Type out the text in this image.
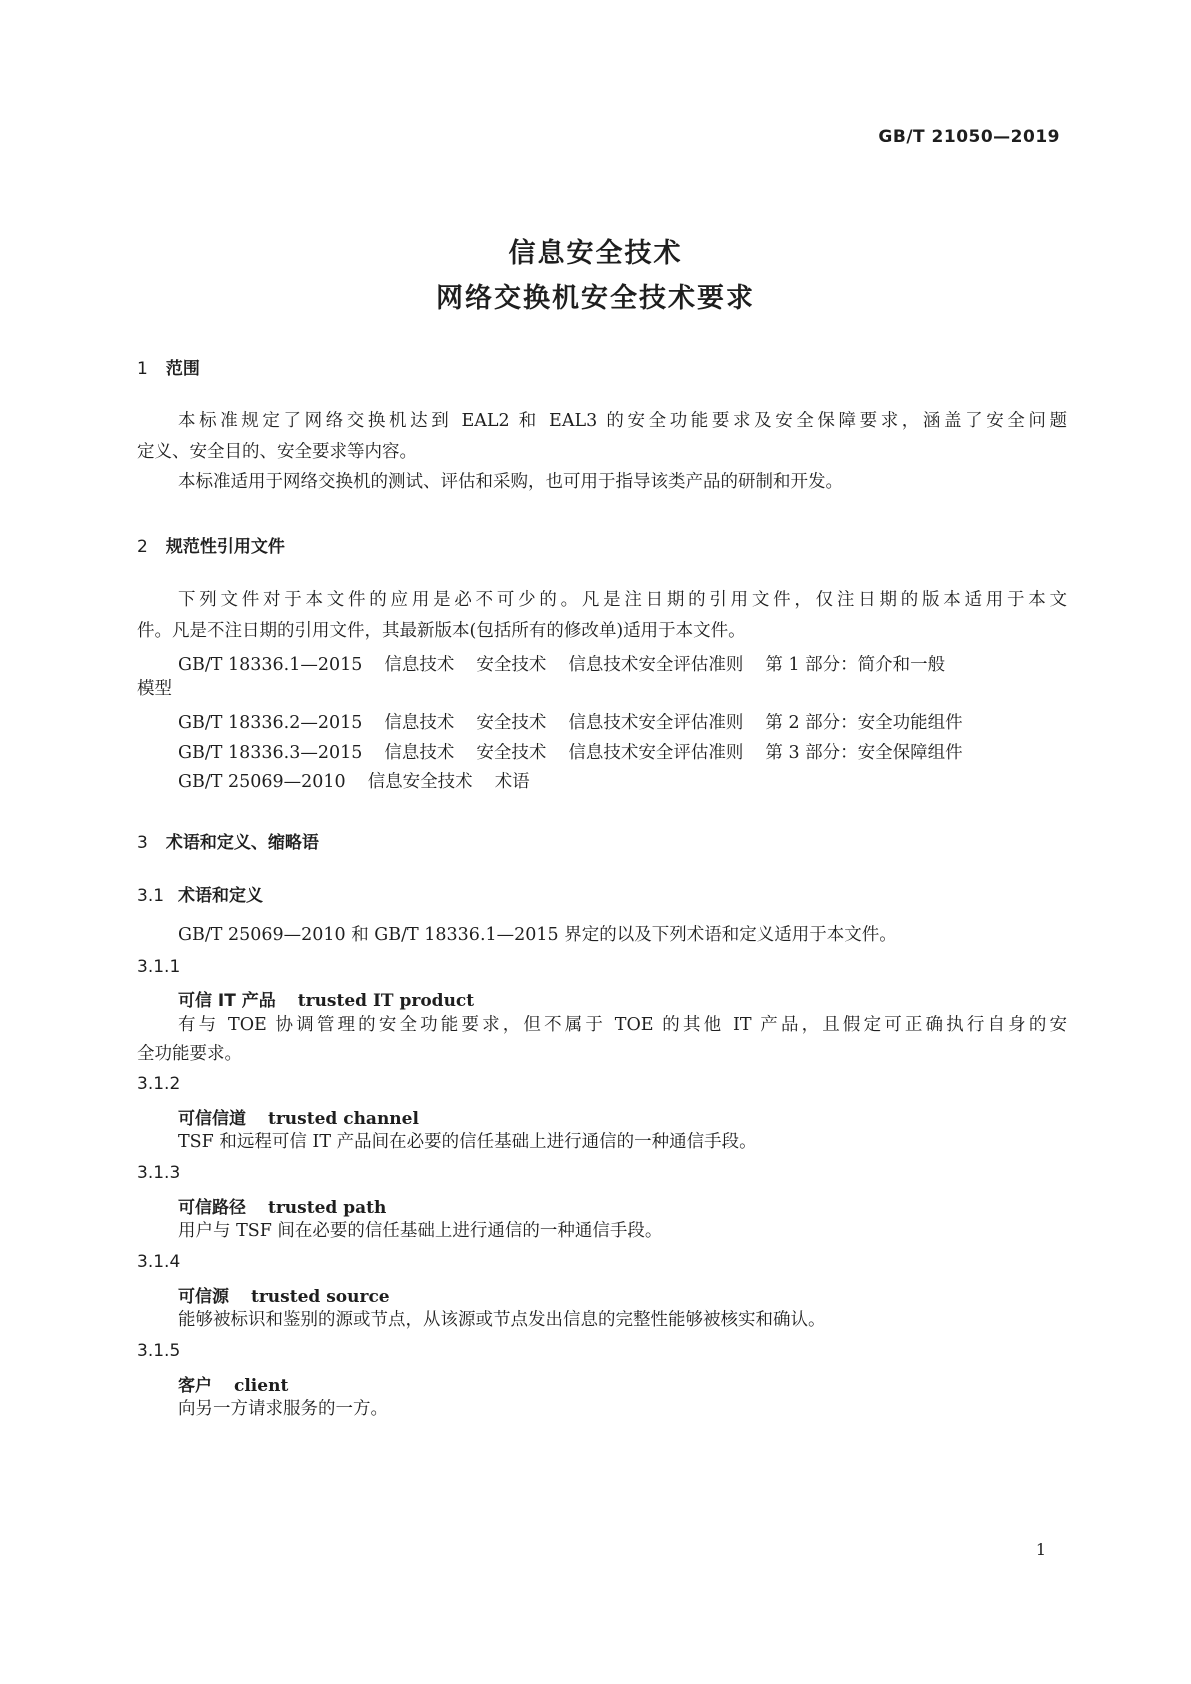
GB/T 21050—2019
信息安全技术
网络交换机安全技术要求
1 范围
本标准规定了网络交换机达到 EAL2 和 EAL3 的安全功能要求及安全保障要求，涵盖了安全问题
定义、安全目的、安全要求等内容。
本标准适用于网络交换机的测试、评估和采购，也可用于指导该类产品的研制和开发。
2 规范性引用文件
下列文件对于本文件的应用是必不可少的。凡是注日期的引用文件，仅注日期的版本适用于本文
件。凡是不注日期的引用文件，其最新版本(包括所有的修改单)适用于本文件。
GB/T 18336.1—2015 信息技术 安全技术 信息技术安全评估准则 第 1 部分：简介和一般
模型
GB/T 18336.2—2015 信息技术 安全技术 信息技术安全评估准则 第 2 部分：安全功能组件
GB/T 18336.3—2015 信息技术 安全技术 信息技术安全评估准则 第 3 部分：安全保障组件
GB/T 25069—2010 信息安全技术 术语
3 术语和定义、缩略语
3.1 术语和定义
GB/T 25069—2010 和 GB/T 18336.1—2015 界定的以及下列术语和定义适用于本文件。
3.1.1
可信 IT 产品 trusted IT product
有与 TOE 协调管理的安全功能要求，但不属于 TOE 的其他 IT 产品，且假定可正确执行自身的安
全功能要求。
3.1.2
可信信道 trusted channel
TSF 和远程可信 IT 产品间在必要的信任基础上进行通信的一种通信手段。
3.1.3
可信路径 trusted path
用户与 TSF 间在必要的信任基础上进行通信的一种通信手段。
3.1.4
可信源 trusted source
能够被标识和鉴别的源或节点，从该源或节点发出信息的完整性能够被核实和确认。
3.1.5
客户 client
向另一方请求服务的一方。
1
